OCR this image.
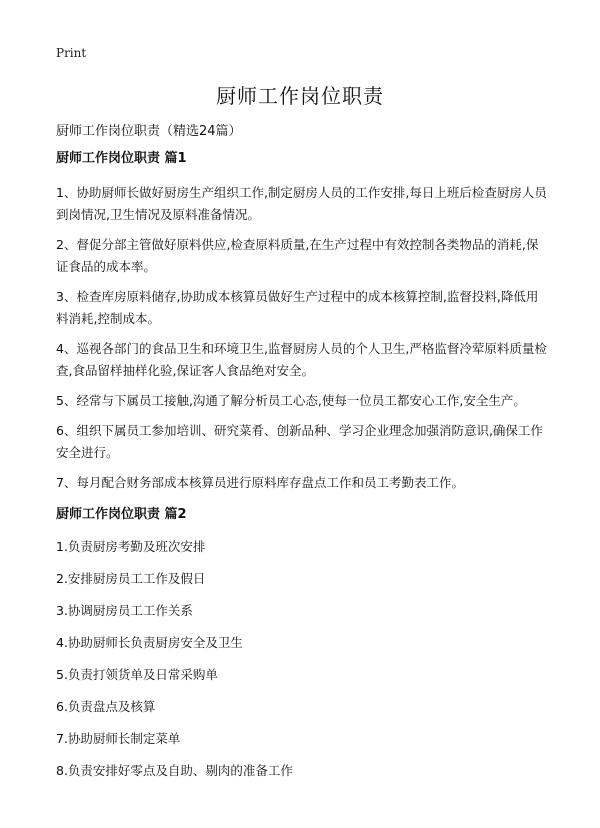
Print
厨师工作岗位职责
厨师工作岗位职责（精选24篇）
厨师工作岗位职责 篇1

1、协助厨师长做好厨房生产组织工作,制定厨房人员的工作安排,每日上班后检查厨房人员到岗情况,卫生情况及原料准备情况。

2、督促分部主管做好原料供应,检查原料质量,在生产过程中有效控制各类物品的消耗,保证食品的成本率。

3、检查库房原料储存,协助成本核算员做好生产过程中的成本核算控制,监督投料,降低用料消耗,控制成本。

4、巡视各部门的食品卫生和环境卫生,监督厨房人员的个人卫生,严格监督冷荤原料质量检查,食品留样抽样化验,保证客人食品绝对安全。

5、经常与下属员工接触,沟通了解分析员工心态,使每一位员工都安心工作,安全生产。

6、组织下属员工参加培训、研究菜肴、创新品种、学习企业理念加强消防意识,确保工作安全进行。

7、每月配合财务部成本核算员进行原料库存盘点工作和员工考勤表工作。

厨师工作岗位职责 篇2
1.负责厨房考勤及班次安排
2.安排厨房员工工作及假日
3.协调厨房员工工作关系
4.协助厨师长负责厨房安全及卫生
5.负责打领货单及日常采购单
6.负责盘点及核算
7.协助厨师长制定菜单
8.负责安排好零点及自助、剔肉的准备工作
